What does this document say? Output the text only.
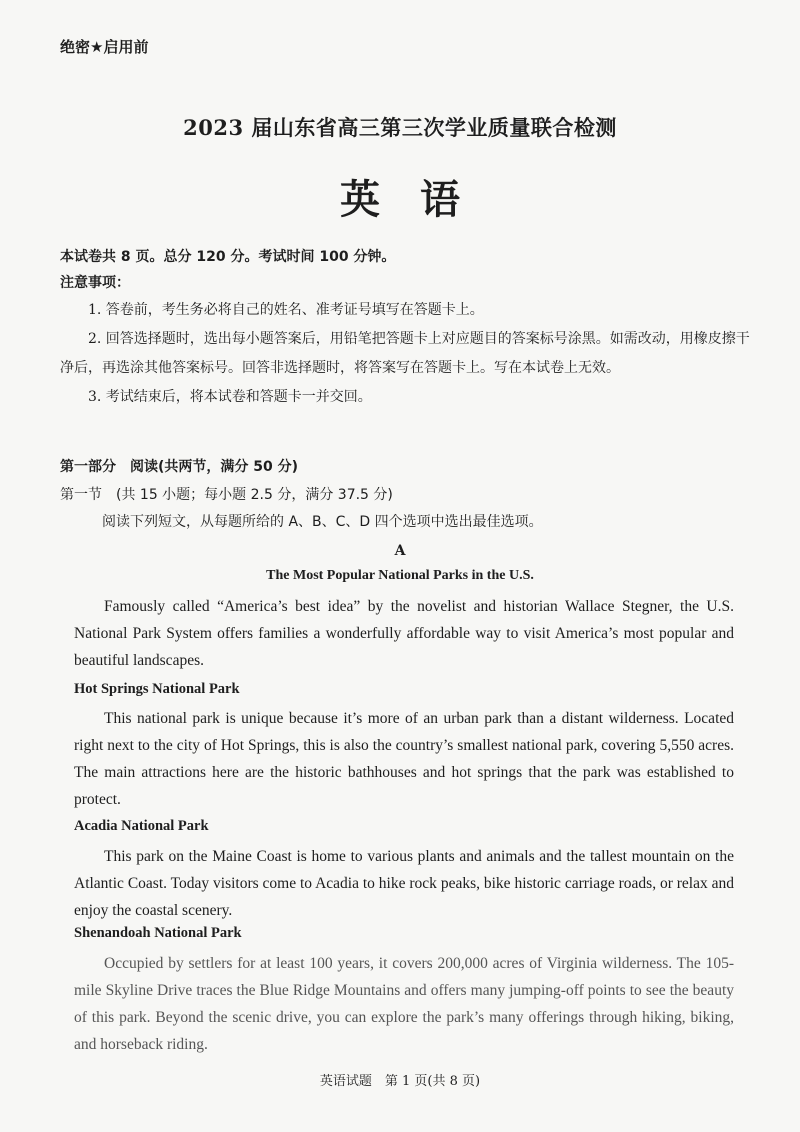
绝密★启用前
2023 届山东省高三第三次学业质量联合检测
英语
本试卷共 8 页。总分 120 分。考试时间 100 分钟。
注意事项：

1. 答卷前，考生务必将自己的姓名、准考证号填写在答题卡上。

2. 回答选择题时，选出每小题答案后，用铅笔把答题卡上对应题目的答案标号涂黑。如需改动，用橡皮擦干净后，再选涂其他答案标号。回答非选择题时，将答案写在答题卡上。写在本试卷上无效。

3. 考试结束后，将本试卷和答题卡一并交回。

第一部分　阅读(共两节，满分 50 分)
第一节　(共 15 小题；每小题 2.5 分，满分 37.5 分)
阅读下列短文，从每题所给的 A、B、C、D 四个选项中选出最佳选项。
A
The Most Popular National Parks in the U.S.

Famously called “America’s best idea” by the novelist and historian Wallace Stegner, the U.S. National Park System offers families a wonderfully affordable way to visit America’s most popular and beautiful landscapes.

Hot Springs National Park

This national park is unique because it’s more of an urban park than a distant wilderness. Located right next to the city of Hot Springs, this is also the country’s smallest national park, covering 5,550 acres. The main attractions here are the historic bathhouses and hot springs that the park was established to protect.

Acadia National Park

This park on the Maine Coast is home to various plants and animals and the tallest mountain on the Atlantic Coast. Today visitors come to Acadia to hike rock peaks, bike historic carriage roads, or relax and enjoy the coastal scenery.

Shenandoah National Park

Occupied by settlers for at least 100 years, it covers 200,000 acres of Virginia wilderness. The 105-mile Skyline Drive traces the Blue Ridge Mountains and offers many jumping-off points to see the beauty of this park. Beyond the scenic drive, you can explore the park’s many offerings through hiking, biking, and horseback riding.

英语试题　第 1 页(共 8 页)
